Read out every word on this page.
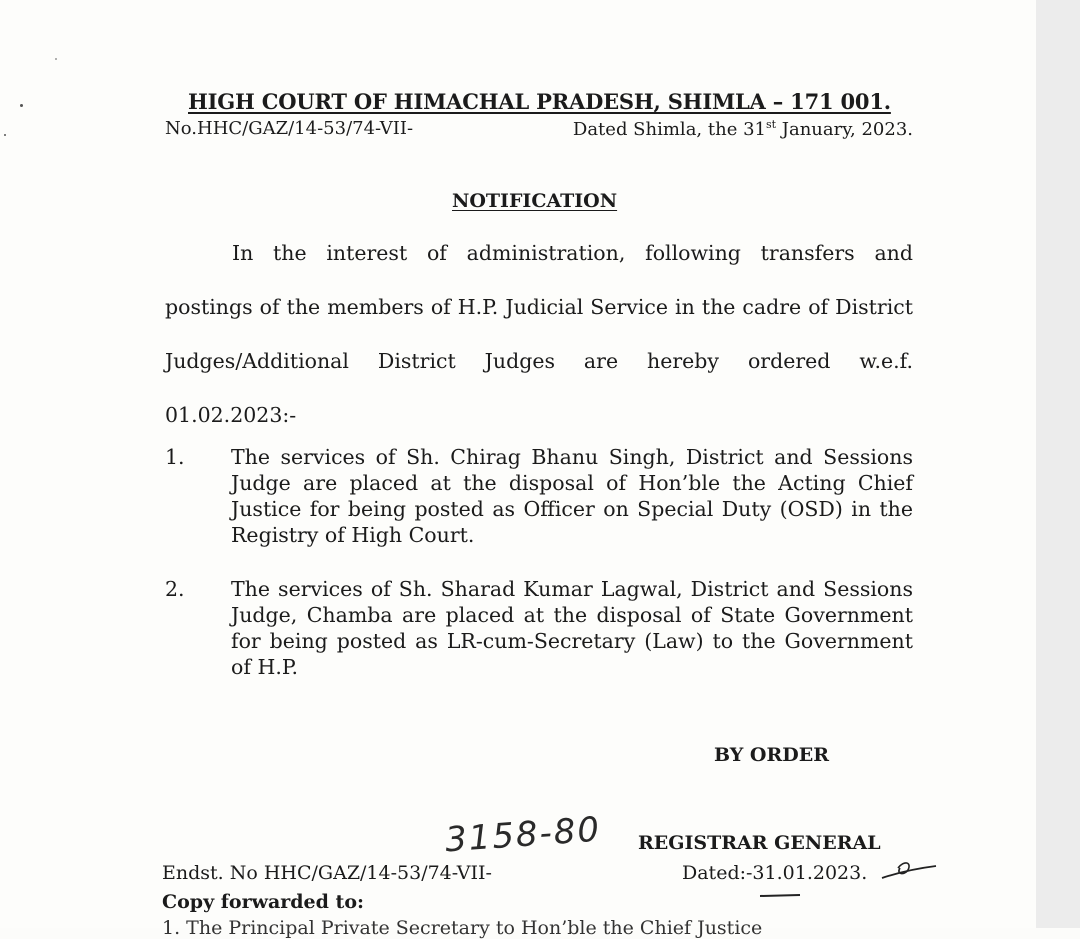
HIGH COURT OF HIMACHAL PRADESH, SHIMLA – 171 001.
No.HHC/GAZ/14-53/74-VII-	Dated Shimla, the 31st January, 2023.
NOTIFICATION
In the interest of administration, following transfers and postings of the members of H.P. Judicial Service in the cadre of District Judges/Additional District Judges are hereby ordered w.e.f. 01.02.2023:-
1. The services of Sh. Chirag Bhanu Singh, District and Sessions Judge are placed at the disposal of Hon’ble the Acting Chief Justice for being posted as Officer on Special Duty (OSD) in the Registry of High Court.
2. The services of Sh. Sharad Kumar Lagwal, District and Sessions Judge, Chamba are placed at the disposal of State Government for being posted as LR-cum-Secretary (Law) to the Government of H.P.
BY ORDER
3158-80 REGISTRAR GENERAL
Endst. No HHC/GAZ/14-53/74-VII-	Dated:-31.01.2023.
Copy forwarded to:
1. The Principal Private Secretary to Hon’ble the Chief Justice
